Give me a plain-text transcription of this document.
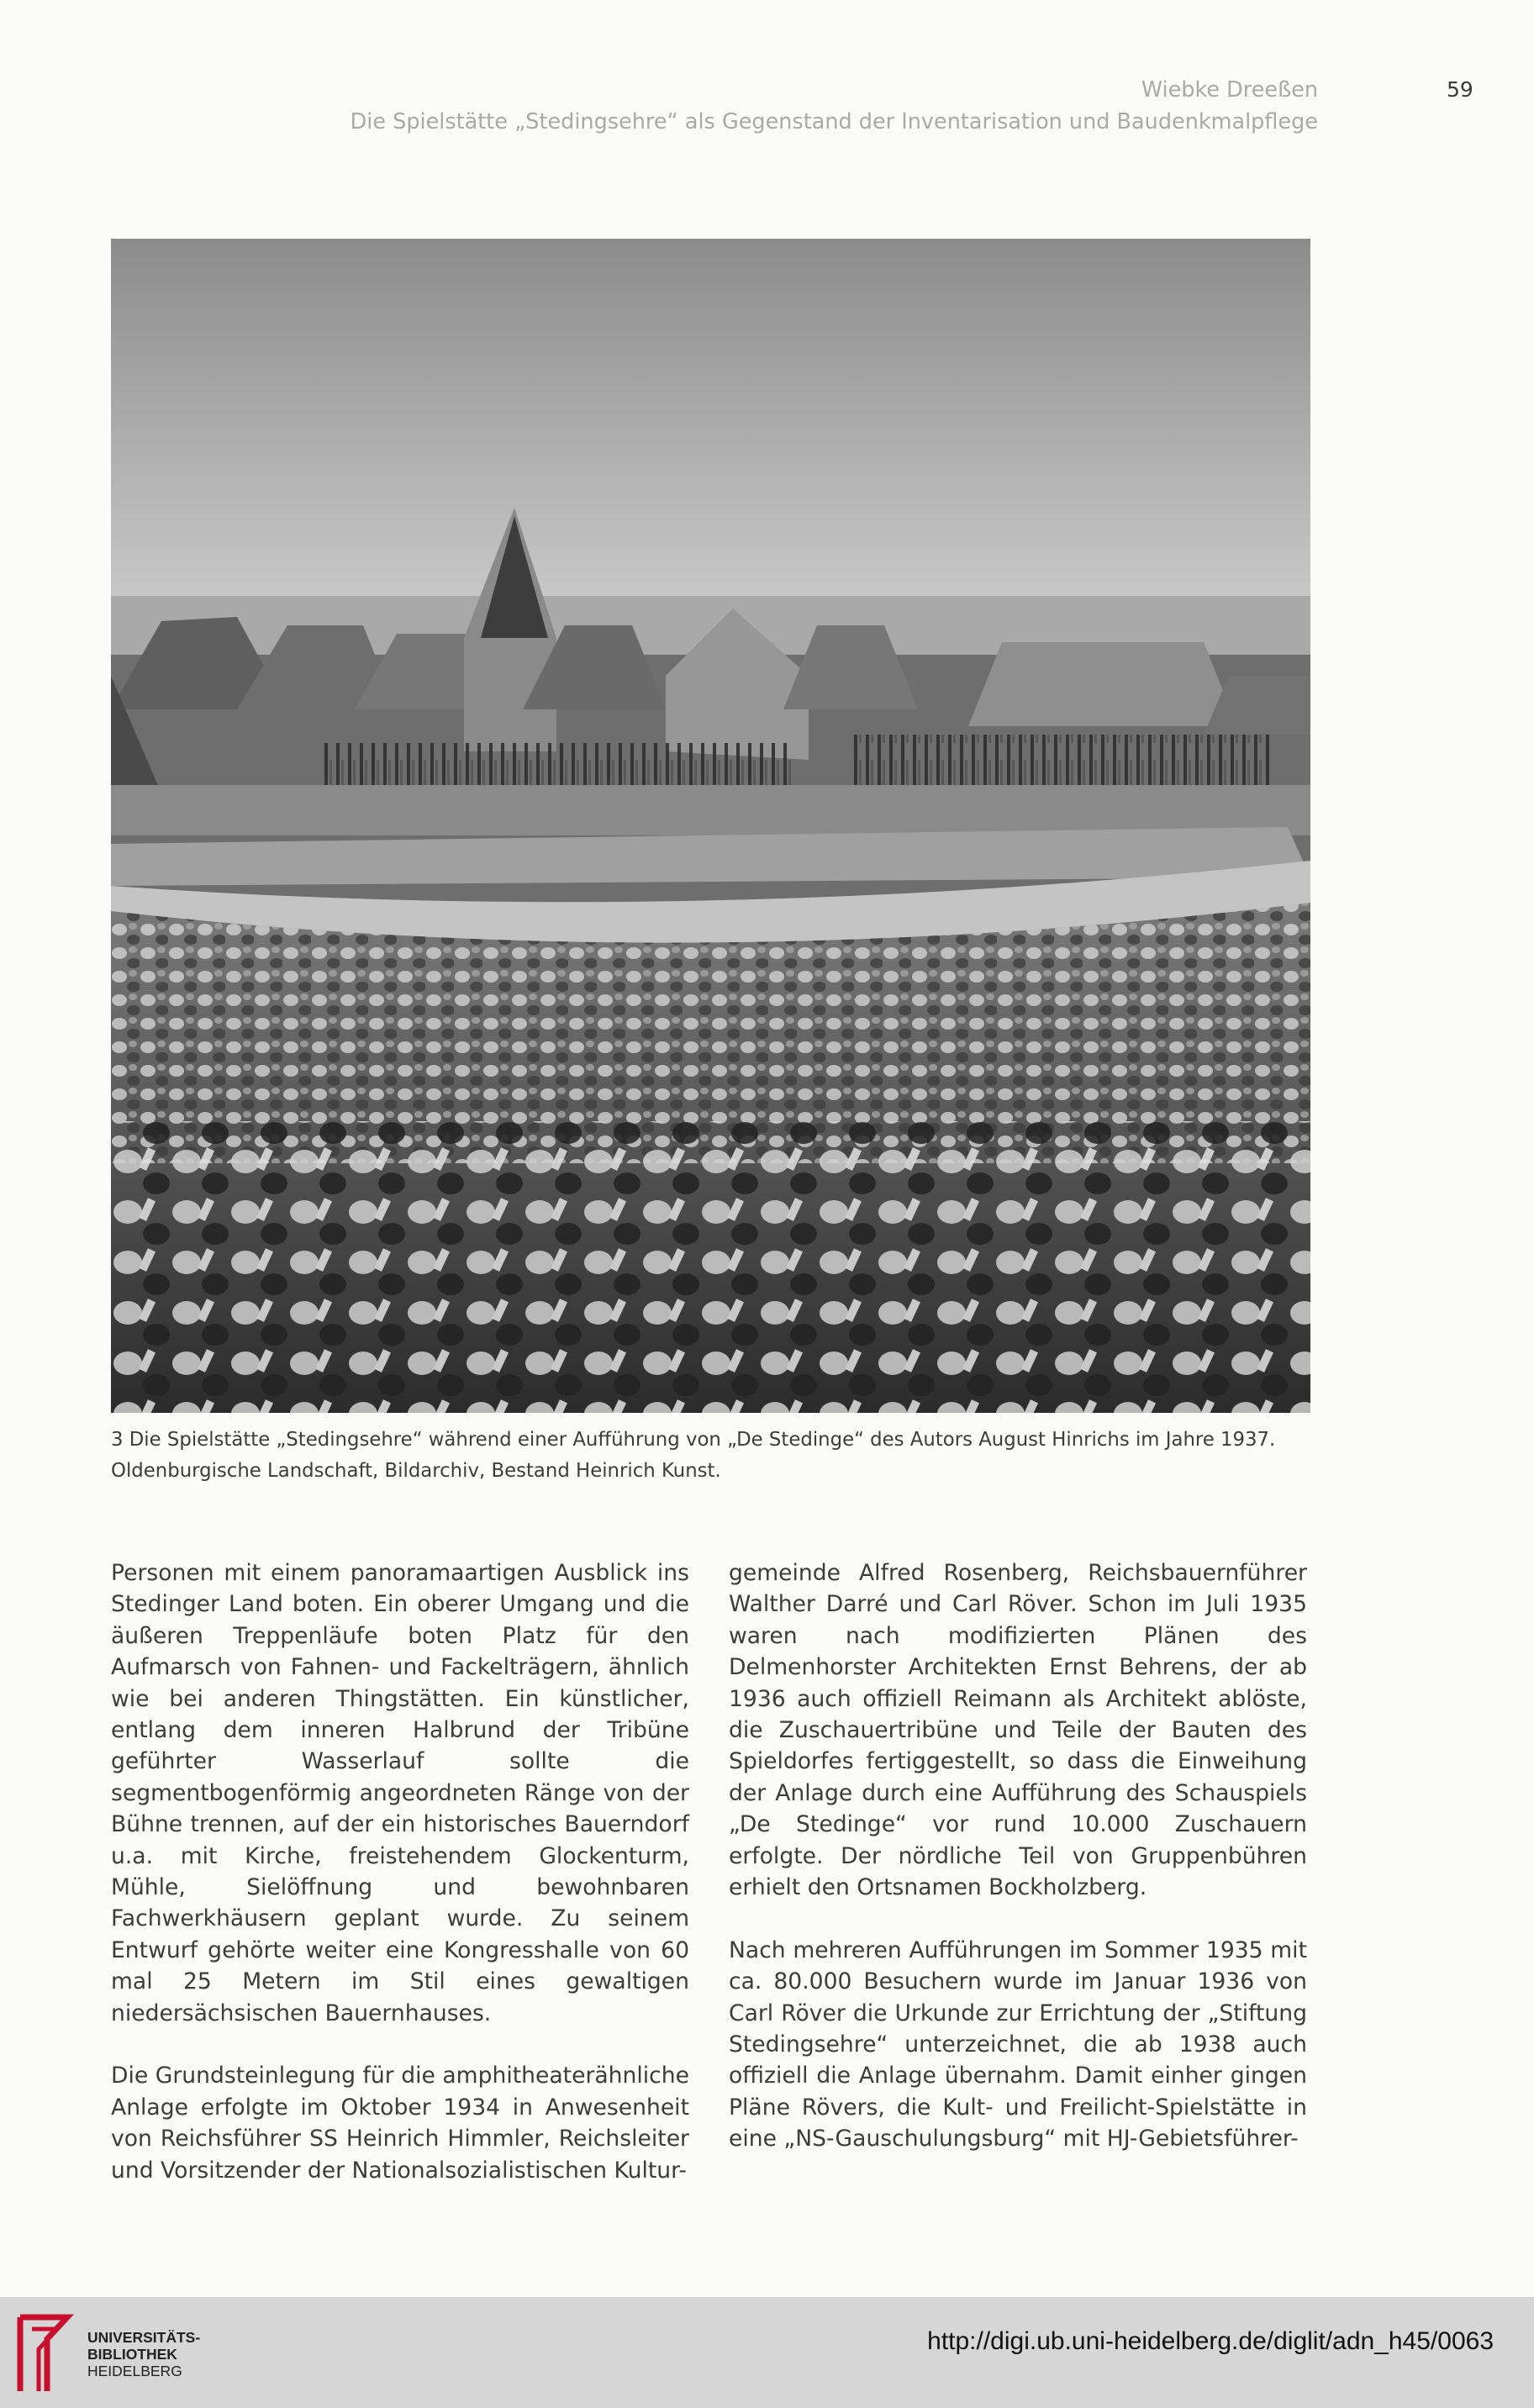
Wiebke Dreeßen
Die Spielstätte „Stedingsehre“ als Gegenstand der Inventarisation und Baudenkmalpflege
59
3 Die Spielstätte „Stedingsehre“ während einer Aufführung von „De Stedinge“ des Autors August Hinrichs im Jahre 1937.
Oldenburgische Landschaft, Bildarchiv, Bestand Heinrich Kunst.

Personen mit einem panoramaartigen Ausblick ins Stedinger Land boten. Ein oberer Umgang und die äußeren Treppenläufe boten Platz für den Aufmarsch von Fahnen- und Fackelträgern, ähnlich wie bei anderen Thingstätten. Ein künstlicher, entlang dem inneren Halbrund der Tribüne geführter Wasserlauf sollte die segmentbogenförmig angeordneten Ränge von der Bühne trennen, auf der ein historisches Bauerndorf u.a. mit Kirche, freistehendem Glockenturm, Mühle, Sielöffnung und bewohnbaren Fachwerkhäusern geplant wurde. Zu seinem Entwurf gehörte weiter eine Kongresshalle von 60 mal 25 Metern im Stil eines gewaltigen niedersächsischen Bauernhauses.

Die Grundsteinlegung für die amphitheaterähnliche Anlage erfolgte im Oktober 1934 in Anwesenheit von Reichsführer SS Heinrich Himmler, Reichsleiter und Vorsitzender der Nationalsozialistischen Kultur-

gemeinde Alfred Rosenberg, Reichsbauernführer Walther Darré und Carl Röver. Schon im Juli 1935 waren nach modifizierten Plänen des Delmenhorster Architekten Ernst Behrens, der ab 1936 auch offiziell Reimann als Architekt ablöste, die Zuschauertribüne und Teile der Bauten des Spieldorfes fertiggestellt, so dass die Einweihung der Anlage durch eine Aufführung des Schauspiels „De Stedinge“ vor rund 10.000 Zuschauern erfolgte. Der nördliche Teil von Gruppenbühren erhielt den Ortsnamen Bockholzberg.

Nach mehreren Aufführungen im Sommer 1935 mit ca. 80.000 Besuchern wurde im Januar 1936 von Carl Röver die Urkunde zur Errichtung der „Stiftung Stedingsehre“ unterzeichnet, die ab 1938 auch offiziell die Anlage übernahm. Damit einher gingen Pläne Rövers, die Kult- und Freilicht-Spielstätte in eine „NS-Gauschulungsburg“ mit HJ-Gebietsführer-

UNIVERSITÄTS-
BIBLIOTHEK
HEIDELBERG
http://digi.ub.uni-heidelberg.de/diglit/adn_h45/0063
